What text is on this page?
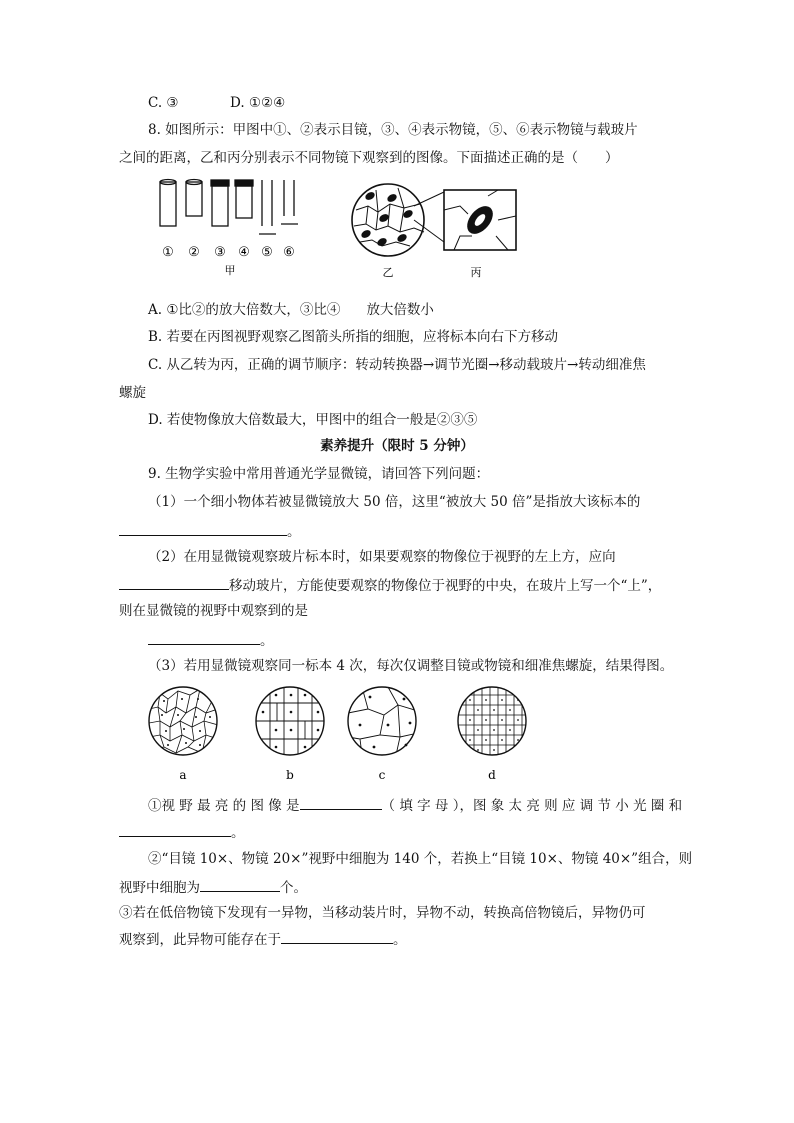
C. ③	D. ①②④
8. 如图所示：甲图中①、②表示目镜，③、④表示物镜，⑤、⑥表示物镜与载玻片
之间的距离，乙和丙分别表示不同物镜下观察到的图像。下面描述正确的是（　　）
① ② ③ ④ ⑤ ⑥
甲	乙	丙
A. ①比②的放大倍数大，③比④ 放大倍数小
B. 若要在丙图视野观察乙图箭头所指的细胞，应将标本向右下方移动
C. 从乙转为丙，正确的调节顺序：转动转换器→调节光圈→移动载玻片→转动细准焦
螺旋
D. 若使物像放大倍数最大，甲图中的组合一般是②③⑤
素养提升（限时 5 分钟）
9. 生物学实验中常用普通光学显微镜，请回答下列问题：
（1）一个细小物体若被显微镜放大 50 倍，这里“被放大 50 倍”是指放大该标本的
。
（2）在用显微镜观察玻片标本时，如果要观察的物像位于视野的左上方，应向
移动玻片，方能使要观察的物像位于视野的中央，在玻片上写一个“上”，
则在显微镜的视野中观察到的是
。
（3）若用显微镜观察同一标本 4 次，每次仅调整目镜或物镜和细准焦螺旋，结果得图。
a	b	c	d
①视 野 最 亮 的 图 像 是	（ 填 字 母 ），图 象 太 亮 则 应 调 节 小 光 圈 和
。
②“目镜 10×、物镜 20×”视野中细胞为 140 个，若换上“目镜 10×、物镜 40×”组合，则
视野中细胞为	个。
③若在低倍物镜下发现有一异物，当移动装片时，异物不动，转换高倍物镜后，异物仍可
观察到，此异物可能存在于	。
